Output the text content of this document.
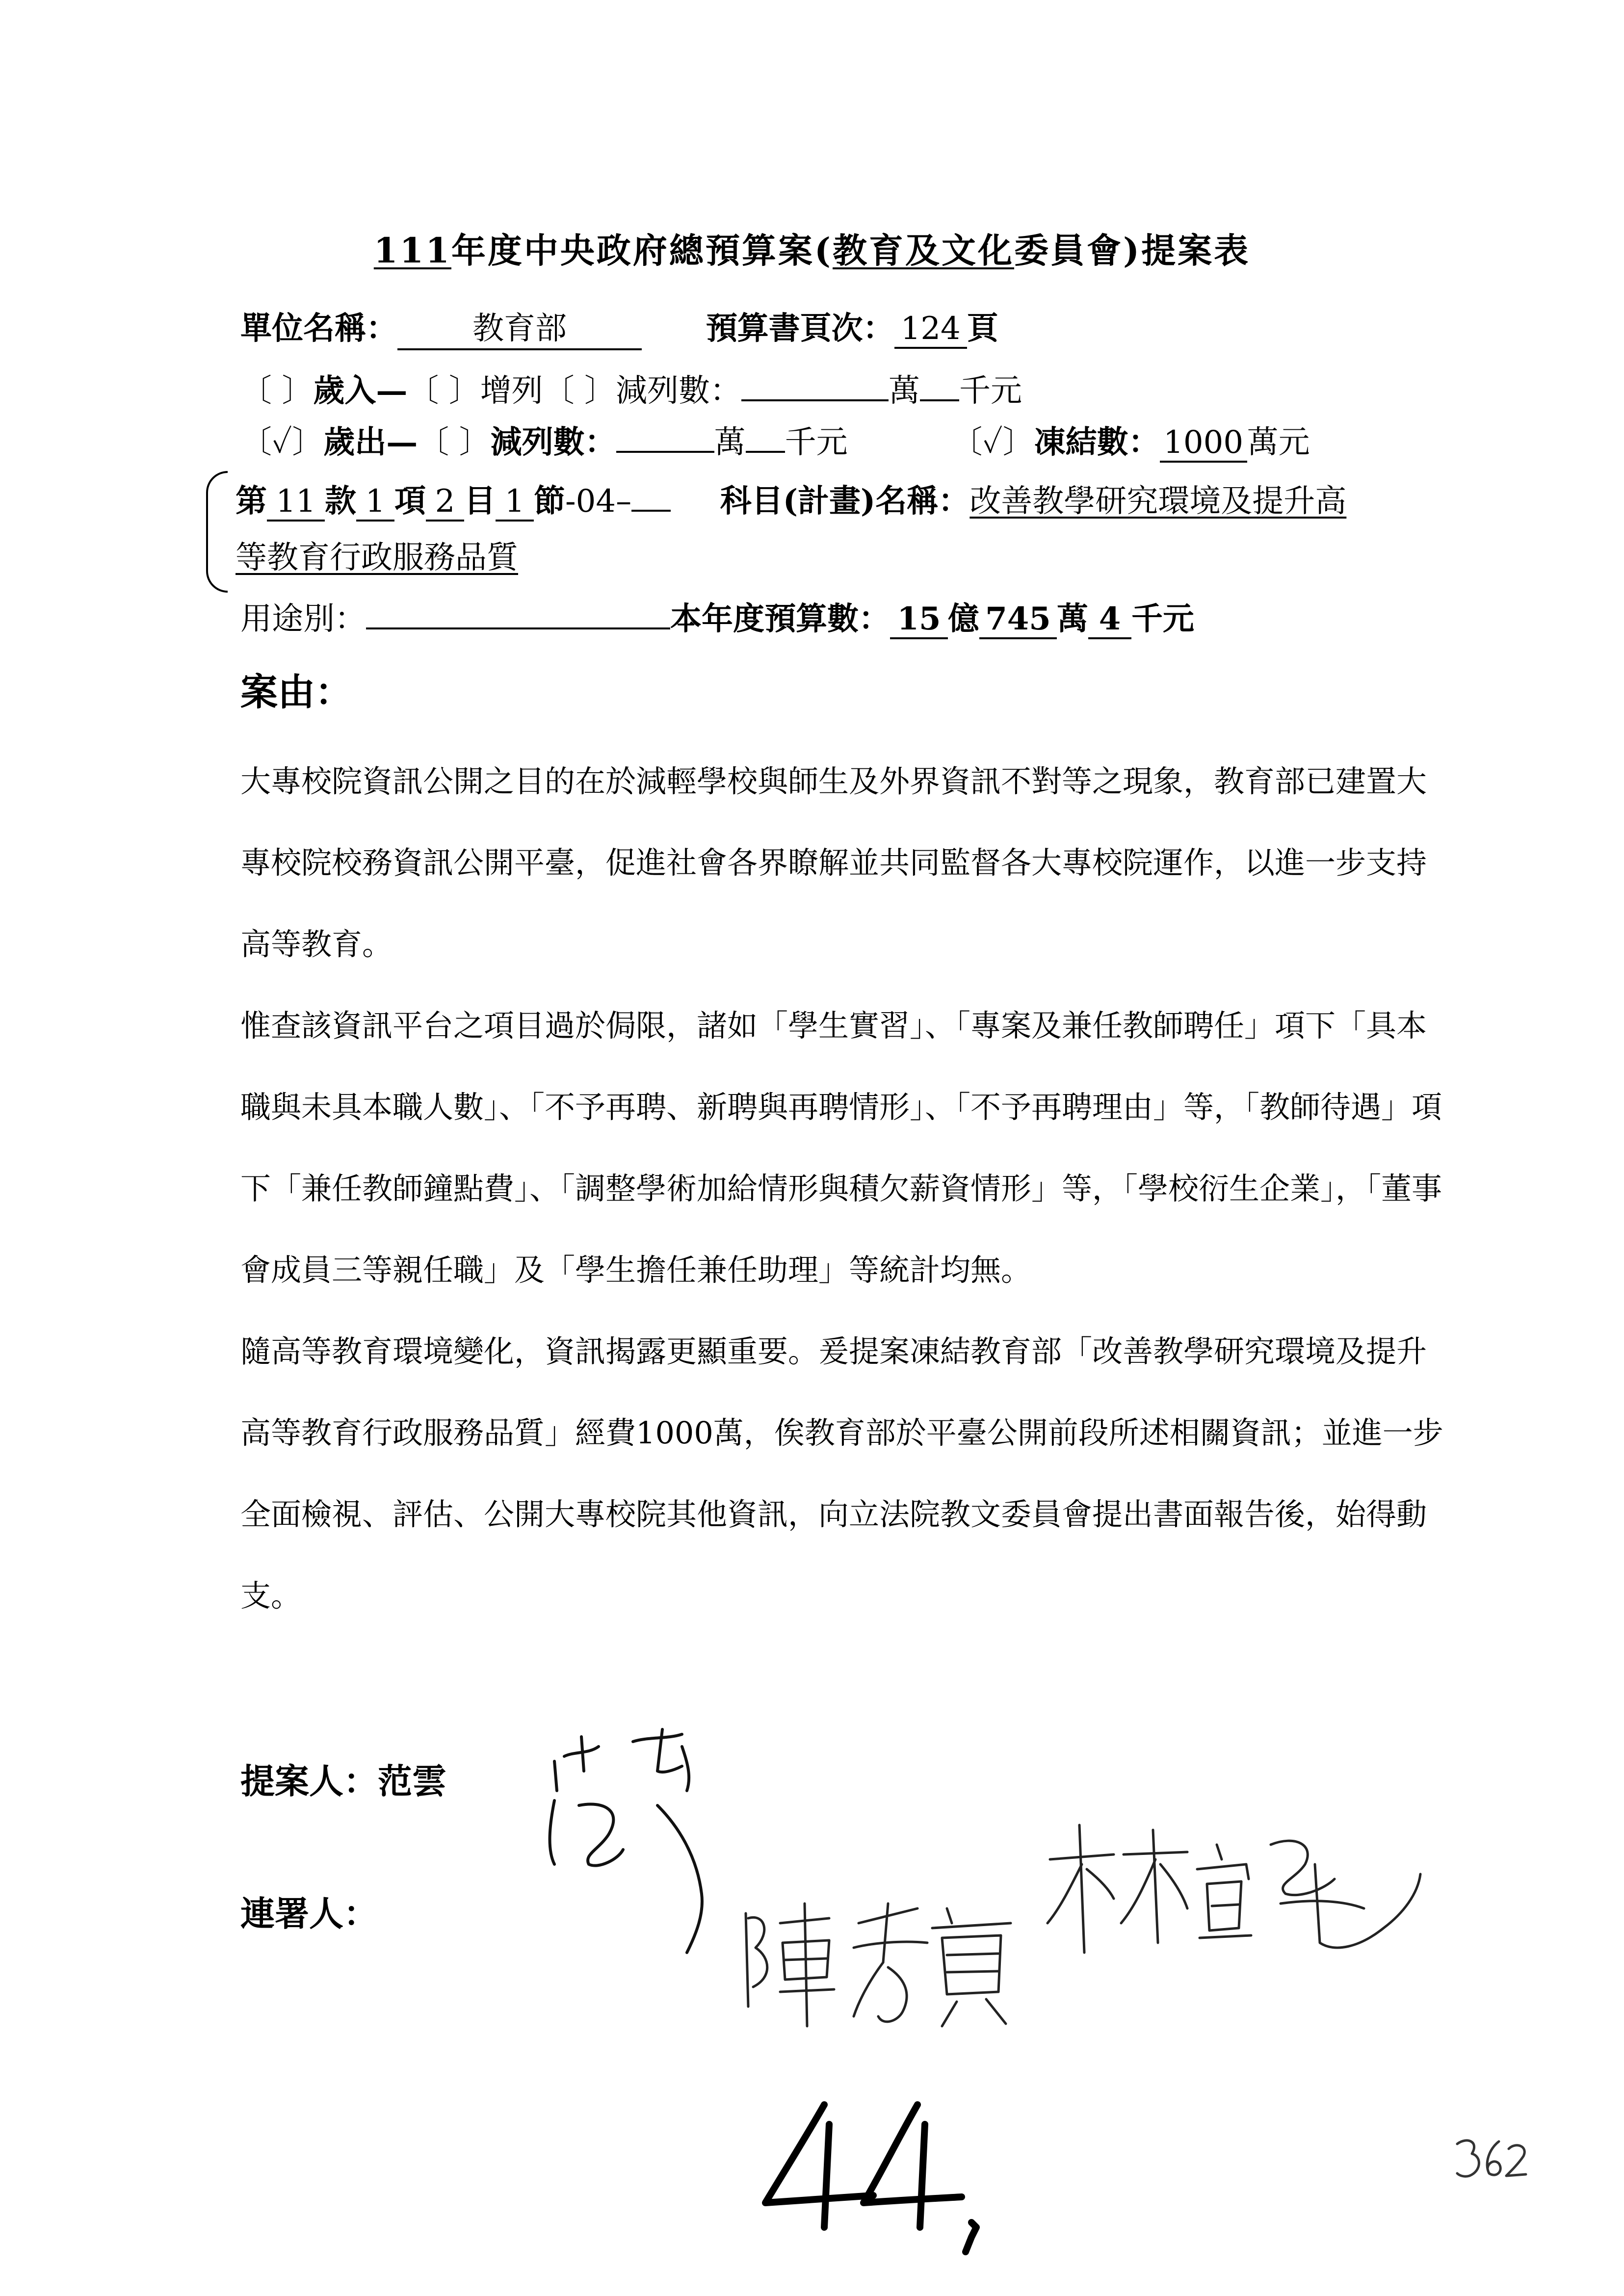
111年度中央政府總預算案(教育及文化委員會)提案表
單位名稱： 教育部	預算書頁次： 124 頁
〔 〕歲入—〔 〕增列〔 〕減列數：	萬 千元
〔✓〕歲出—〔 〕減列數：	萬 千元	〔✓〕凍結數： 1000 萬元
第 11 款 1 項 2 目 1 節-04–	科目(計畫)名稱：改善教學研究環境及提升高
等教育行政服務品質
用途別：	本年度預算數： 15 億 745 萬 4 千元
案由：

大專校院資訊公開之目的在於減輕學校與師生及外界資訊不對等之現象，教育部已建置大專校院校務資訊公開平臺，促進社會各界瞭解並共同監督各大專校院運作，以進一步支持高等教育。

惟查該資訊平台之項目過於侷限，諸如「學生實習」、「專案及兼任教師聘任」項下「具本職與未具本職人數」、「不予再聘、新聘與再聘情形」、「不予再聘理由」等，「教師待遇」項下「兼任教師鐘點費」、「調整學術加給情形與積欠薪資情形」等，「學校衍生企業」，「董事會成員三等親任職」及「學生擔任兼任助理」等統計均無。

隨高等教育環境變化，資訊揭露更顯重要。爰提案凍結教育部「改善教學研究環境及提升高等教育行政服務品質」經費1000萬，俟教育部於平臺公開前段所述相關資訊；並進一步全面檢視、評估、公開大專校院其他資訊，向立法院教文委員會提出書面報告後，始得動支。

提案人：范雲
連署人：
